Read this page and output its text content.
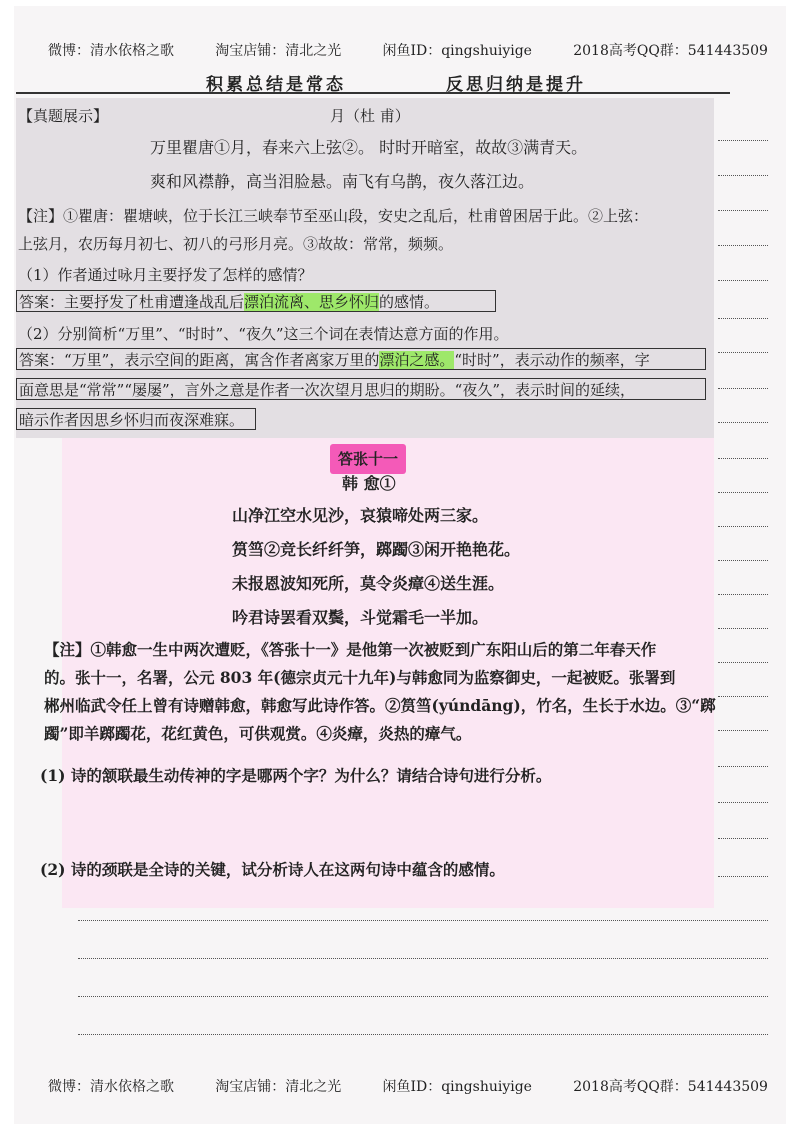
微博：清水依格之歌	淘宝店铺：清北之光	闲鱼ID：qingshuiyige	2018高考QQ群：541443509
积累总结是常态	反思归纳是提升
【真题展示】	月（杜 甫）
万里瞿唐①月，春来六上弦②。 时时开暗室，故故③满青天。
爽和风襟静，高当泪脸悬。南飞有乌鹊，夜久落江边。
【注】①瞿唐：瞿塘峡，位于长江三峡奉节至巫山段，安史之乱后，杜甫曾困居于此。②上弦：
上弦月，农历每月初七、初八的弓形月亮。③故故：常常，频频。
（1）作者通过咏月主要抒发了怎样的感情？
答案：主要抒发了杜甫遭逢战乱后漂泊流离、思乡怀归的感情。
（2）分别简析“万里”、“时时”、“夜久”这三个词在表情达意方面的作用。
答案：“万里”，表示空间的距离，寓含作者离家万里的漂泊之感。“时时”，表示动作的频率，字
面意思是“常常”“屡屡”，言外之意是作者一次次望月思归的期盼。“夜久”，表示时间的延续，
暗示作者因思乡怀归而夜深难寐。
答张十一
韩 愈①
山净江空水见沙，哀猿啼处两三家。
筼筜②竞长纤纤笋，踯躅③闲开艳艳花。
未报恩波知死所，莫令炎瘴④送生涯。
吟君诗罢看双鬓，斗觉霜毛一半加。
【注】①韩愈一生中两次遭贬，《答张十一》是他第一次被贬到广东阳山后的第二年春天作
的。张十一，名署，公元 803 年(德宗贞元十九年)与韩愈同为监察御史，一起被贬。张署到
郴州临武令任上曾有诗赠韩愈，韩愈写此诗作答。②筼筜(yúndāng)，竹名，生长于水边。③“踯
躅”即羊踯躅花，花红黄色，可供观赏。④炎瘴，炎热的瘴气。
(1) 诗的颔联最生动传神的字是哪两个字？为什么？请结合诗句进行分析。
(2) 诗的颈联是全诗的关键，试分析诗人在这两句诗中蕴含的感情。
微博：清水依格之歌	淘宝店铺：清北之光	闲鱼ID：qingshuiyige	2018高考QQ群：541443509
